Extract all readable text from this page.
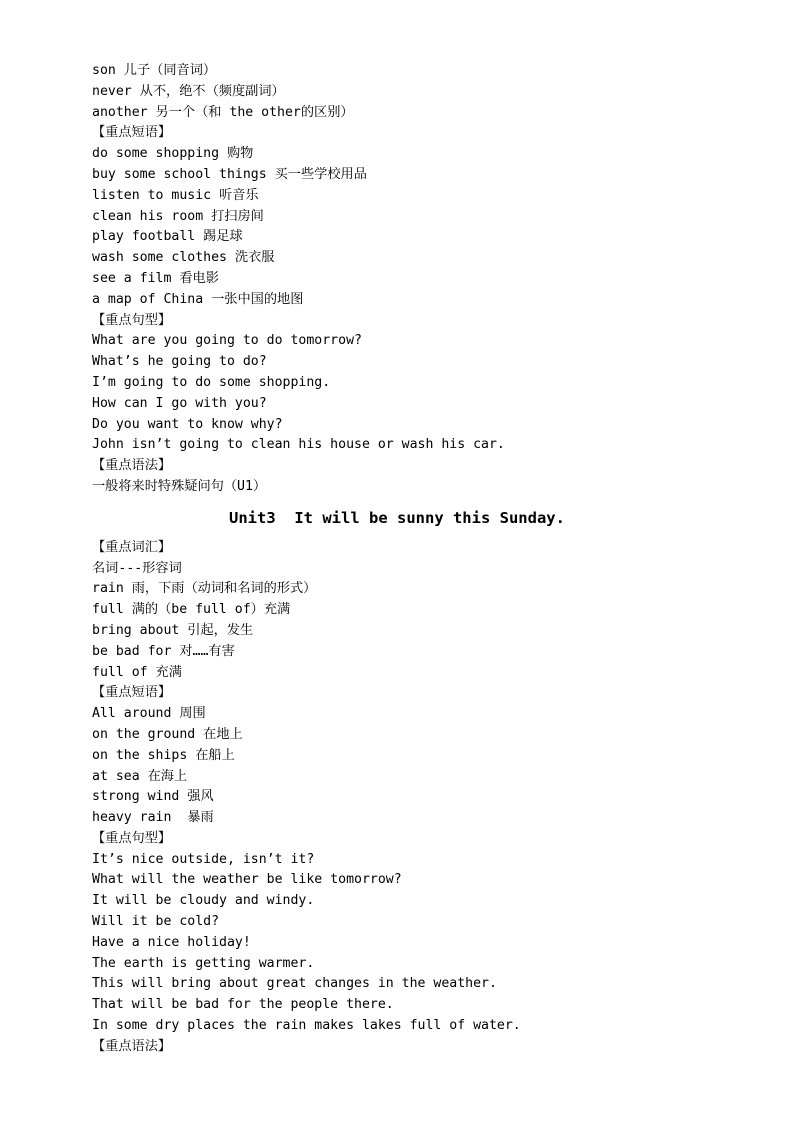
son 儿子（同音词）
never 从不，绝不（频度副词）
another 另一个（和 the other的区别）
【重点短语】
do some shopping 购物
buy some school things 买一些学校用品
listen to music 听音乐
clean his room 打扫房间
play football 踢足球
wash some clothes 洗衣服
see a film 看电影
a map of China 一张中国的地图
【重点句型】
What are you going to do tomorrow?
What’s he going to do?
I’m going to do some shopping.
How can I go with you?
Do you want to know why?
John isn’t going to clean his house or wash his car.
【重点语法】
一般将来时特殊疑问句（U1）
Unit3  It will be sunny this Sunday.
【重点词汇】
名词---形容词
rain 雨，下雨（动词和名词的形式）
full 满的（be full of）充满
bring about 引起，发生
be bad for 对……有害
full of 充满
【重点短语】
All around 周围
on the ground 在地上
on the ships 在船上
at sea 在海上
strong wind 强风
heavy rain  暴雨
【重点句型】
It’s nice outside, isn’t it?
What will the weather be like tomorrow?
It will be cloudy and windy.
Will it be cold?
Have a nice holiday!
The earth is getting warmer.
This will bring about great changes in the weather.
That will be bad for the people there.
In some dry places the rain makes lakes full of water.
【重点语法】
